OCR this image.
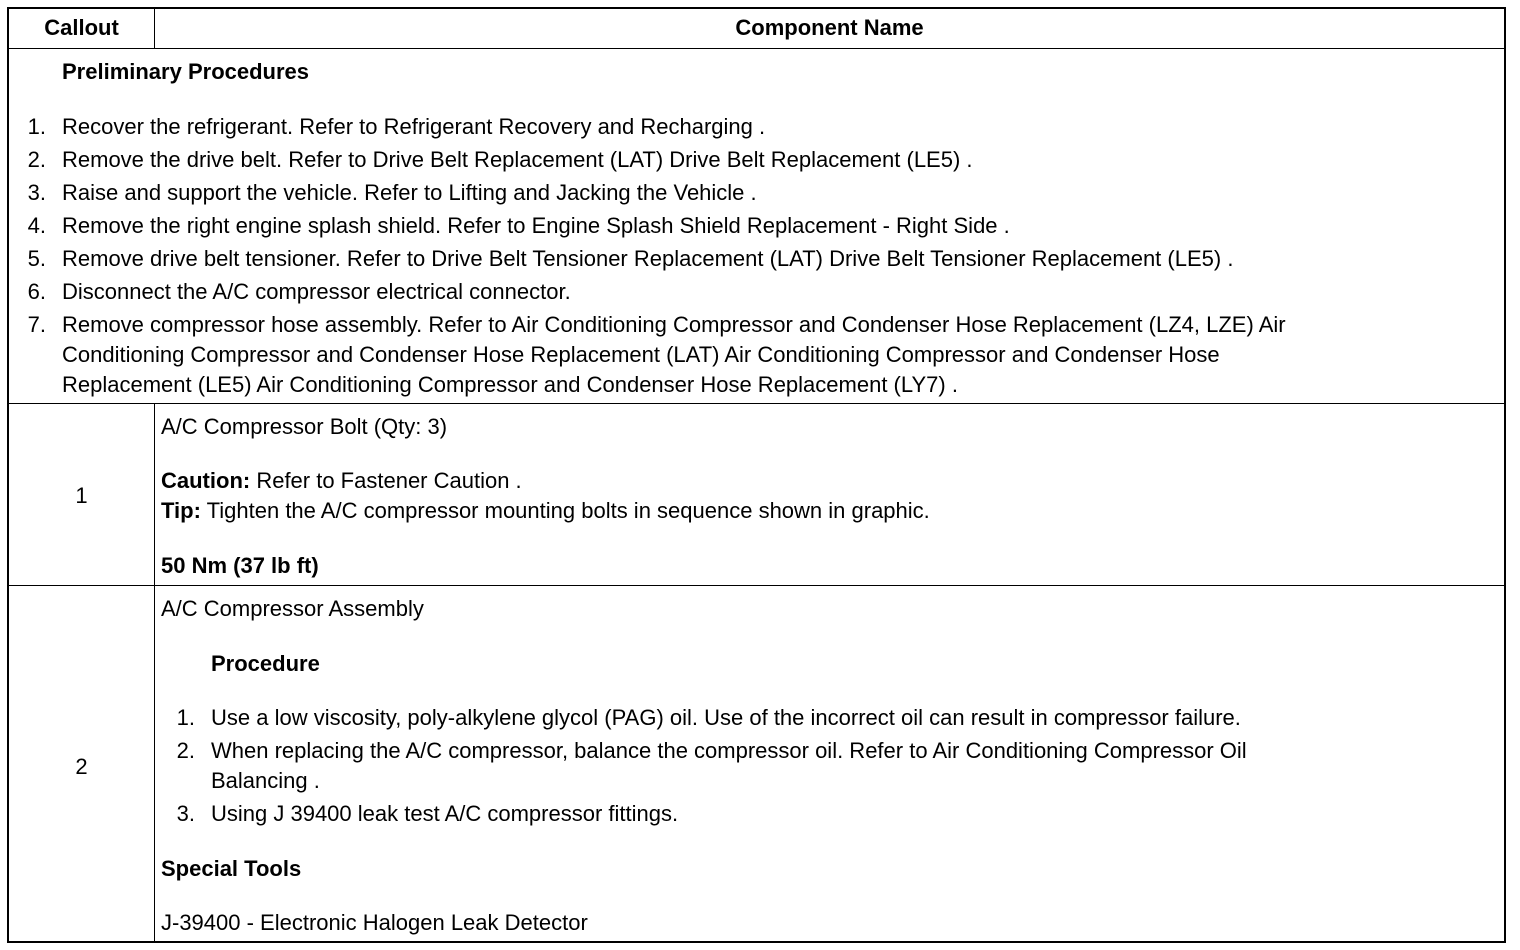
Callout	Component Name
Preliminary Procedures
1. Recover the refrigerant. Refer to Refrigerant Recovery and Recharging .
2. Remove the drive belt. Refer to Drive Belt Replacement (LAT) Drive Belt Replacement (LE5) .
3. Raise and support the vehicle. Refer to Lifting and Jacking the Vehicle .
4. Remove the right engine splash shield. Refer to Engine Splash Shield Replacement - Right Side .
5. Remove drive belt tensioner. Refer to Drive Belt Tensioner Replacement (LAT) Drive Belt Tensioner Replacement (LE5) .
6. Disconnect the A/C compressor electrical connector.
7. Remove compressor hose assembly. Refer to Air Conditioning Compressor and Condenser Hose Replacement (LZ4, LZE) Air
Conditioning Compressor and Condenser Hose Replacement (LAT) Air Conditioning Compressor and Condenser Hose
Replacement (LE5) Air Conditioning Compressor and Condenser Hose Replacement (LY7) .
1
A/C Compressor Bolt (Qty: 3)
Caution: Refer to Fastener Caution .
Tip: Tighten the A/C compressor mounting bolts in sequence shown in graphic.
50 Nm (37 lb ft)
2
A/C Compressor Assembly
Procedure
1. Use a low viscosity, poly-alkylene glycol (PAG) oil. Use of the incorrect oil can result in compressor failure.
2. When replacing the A/C compressor, balance the compressor oil. Refer to Air Conditioning Compressor Oil
Balancing .
3. Using J 39400 leak test A/C compressor fittings.
Special Tools
J-39400 - Electronic Halogen Leak Detector
